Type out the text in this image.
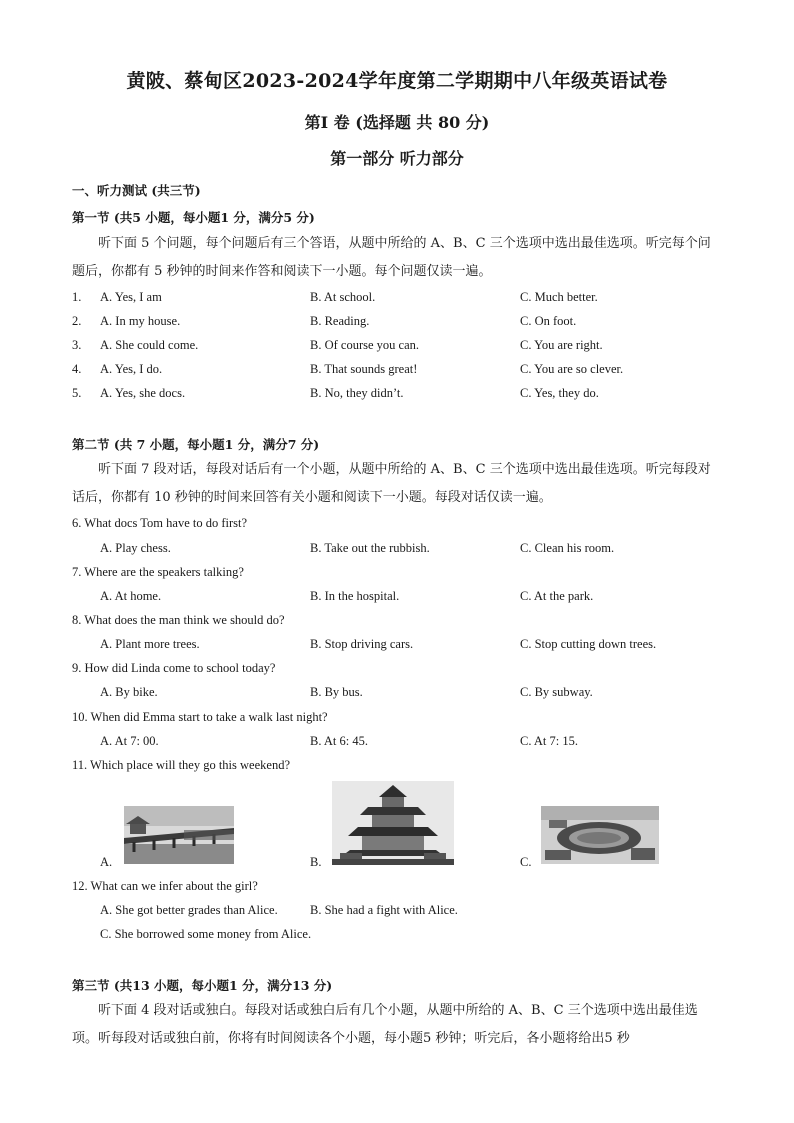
黄陂、蔡甸区2023-2024学年度第二学期期中八年级英语试卷
第Ⅰ 卷 (选择题 共 80 分)
第一部分 听力部分
一、听力测试 (共三节)
第一节 (共5 小题，每小题1 分，满分5 分)
听下面 5 个问题，每个问题后有三个答语，从题中所给的 A、B、C 三个选项中选出最佳选项。听完每个问题后，你都有 5 秒钟的时间来作答和阅读下一小题。每个问题仅读一遍。
1. A. Yes, I am	B. At school.	C. Much better.
2. A. In my house.	B. Reading.	C. On foot.
3. A. She could come.	B. Of course you can.	C. You are right.
4. A. Yes, I do.	B. That sounds great!	C. You are so clever.
5. A. Yes, she docs.	B. No, they didn’t.	C. Yes, they do.
第二节 (共 7 小题，每小题1 分，满分7 分)
听下面 7 段对话，每段对话后有一个小题，从题中所给的 A、B、C 三个选项中选出最佳选项。听完每段对话后，你都有 10 秒钟的时间来回答有关小题和阅读下一小题。每段对话仅读一遍。
6. What docs Tom have to do first?
A. Play chess.	B. Take out the rubbish.	C. Clean his room.
7. Where are the speakers talking?
A. At home.	B. In the hospital.	C. At the park.
8. What does the man think we should do?
A. Plant more trees.	B. Stop driving cars.	C. Stop cutting down trees.
9. How did Linda come to school today?
A. By bike.	B. By bus.	C. By subway.
10. When did Emma start to take a walk last night?
A. At 7: 00.	B. At 6: 45.	C. At 7: 15.
11. Which place will they go this weekend?
A.	B.	C.
12. What can we infer about the girl?
A. She got better grades than Alice.	B. She had a fight with Alice.
C. She borrowed some money from Alice.
第三节 (共13 小题，每小题1 分，满分13 分)
听下面 4 段对话或独白。每段对话或独白后有几个小题，从题中所给的 A、B、C 三个选项中选出最佳选项。听每段对话或独白前，你将有时间阅读各个小题，每小题5 秒钟；听完后，各小题将给出5 秒
